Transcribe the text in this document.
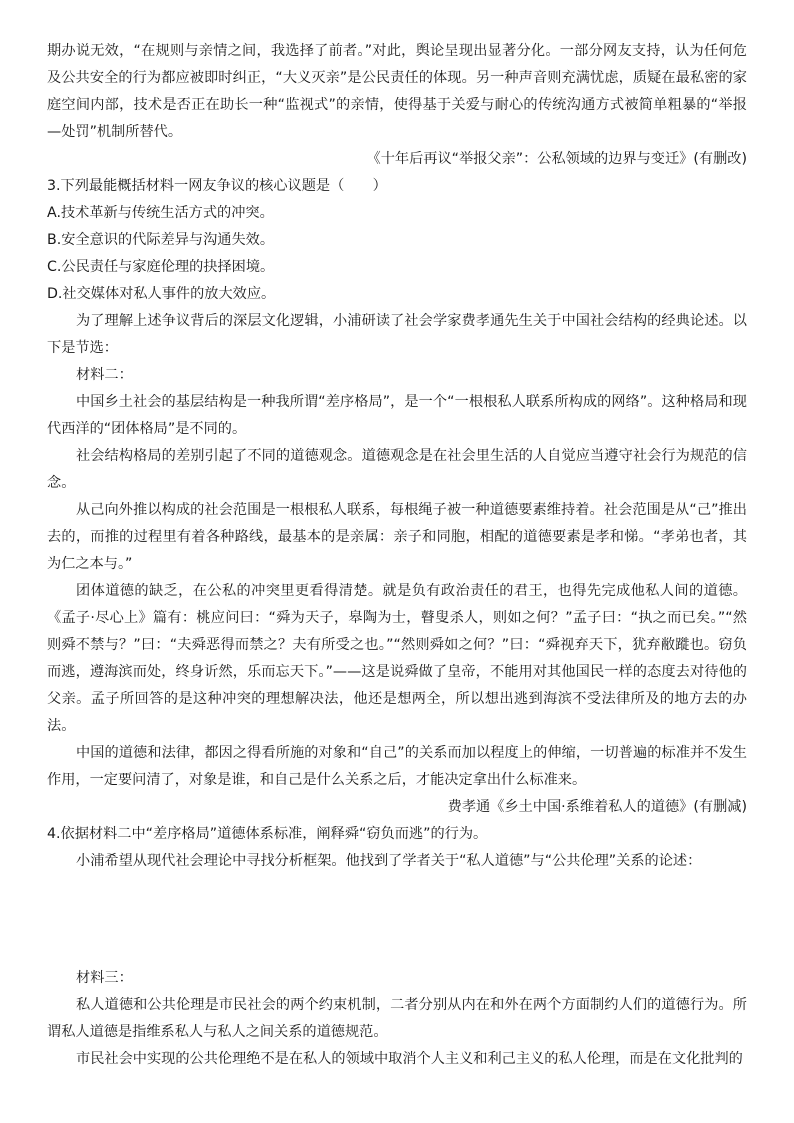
期办说无效，“在规则与亲情之间，我选择了前者。”对此，舆论呈现出显著分化。一部分网友支持，认为任何危及公共安全的行为都应被即时纠正，“大义灭亲”是公民责任的体现。另一种声音则充满忧虑，质疑在最私密的家庭空间内部，技术是否正在助长一种“监视式”的亲情，使得基于关爱与耐心的传统沟通方式被简单粗暴的“举报—处罚”机制所替代。

《十年后再议“举报父亲”：公私领域的边界与变迁》(有删改)

3.下列最能概括材料一网友争议的核心议题是（　　）

A.技术革新与传统生活方式的冲突。

B.安全意识的代际差异与沟通失效。

C.公民责任与家庭伦理的抉择困境。

D.社交媒体对私人事件的放大效应。

为了理解上述争议背后的深层文化逻辑，小浦研读了社会学家费孝通先生关于中国社会结构的经典论述。以下是节选：

材料二：

中国乡土社会的基层结构是一种我所谓“差序格局”，是一个“一根根私人联系所构成的网络”。这种格局和现代西洋的“团体格局”是不同的。

社会结构格局的差别引起了不同的道德观念。道德观念是在社会里生活的人自觉应当遵守社会行为规范的信念。

从己向外推以构成的社会范围是一根根私人联系，每根绳子被一种道德要素维持着。社会范围是从“己”推出去的，而推的过程里有着各种路线，最基本的是亲属：亲子和同胞，相配的道德要素是孝和悌。“孝弟也者，其为仁之本与。”

团体道德的缺乏，在公私的冲突里更看得清楚。就是负有政治责任的君王，也得先完成他私人间的道德。《孟子·尽心上》篇有：桃应问曰：“舜为天子，皋陶为士，瞽叟杀人，则如之何？”孟子曰：“执之而已矣。”“然则舜不禁与？”曰：“夫舜恶得而禁之？夫有所受之也。”“然则舜如之何？”曰：“舜视弃天下，犹弃敝蹝也。窃负而逃，遵海滨而处，终身䜣然，乐而忘天下。”——这是说舜做了皇帝，不能用对其他国民一样的态度去对待他的父亲。孟子所回答的是这种冲突的理想解决法，他还是想两全，所以想出逃到海滨不受法律所及的地方去的办法。

中国的道德和法律，都因之得看所施的对象和“自己”的关系而加以程度上的伸缩，一切普遍的标准并不发生作用，一定要问清了，对象是谁，和自己是什么关系之后，才能决定拿出什么标准来。

费孝通《乡土中国·系维着私人的道德》(有删减)

4.依据材料二中“差序格局”道德体系标准，阐释舜“窃负而逃”的行为。

小浦希望从现代社会理论中寻找分析框架。他找到了学者关于“私人道德”与“公共伦理”关系的论述：

材料三：

私人道德和公共伦理是市民社会的两个约束机制，二者分别从内在和外在两个方面制约人们的道德行为。所谓私人道德是指维系私人与私人之间关系的道德规范。

市民社会中实现的公共伦理绝不是在私人的领域中取消个人主义和利己主义的私人伦理，而是在文化批判的
